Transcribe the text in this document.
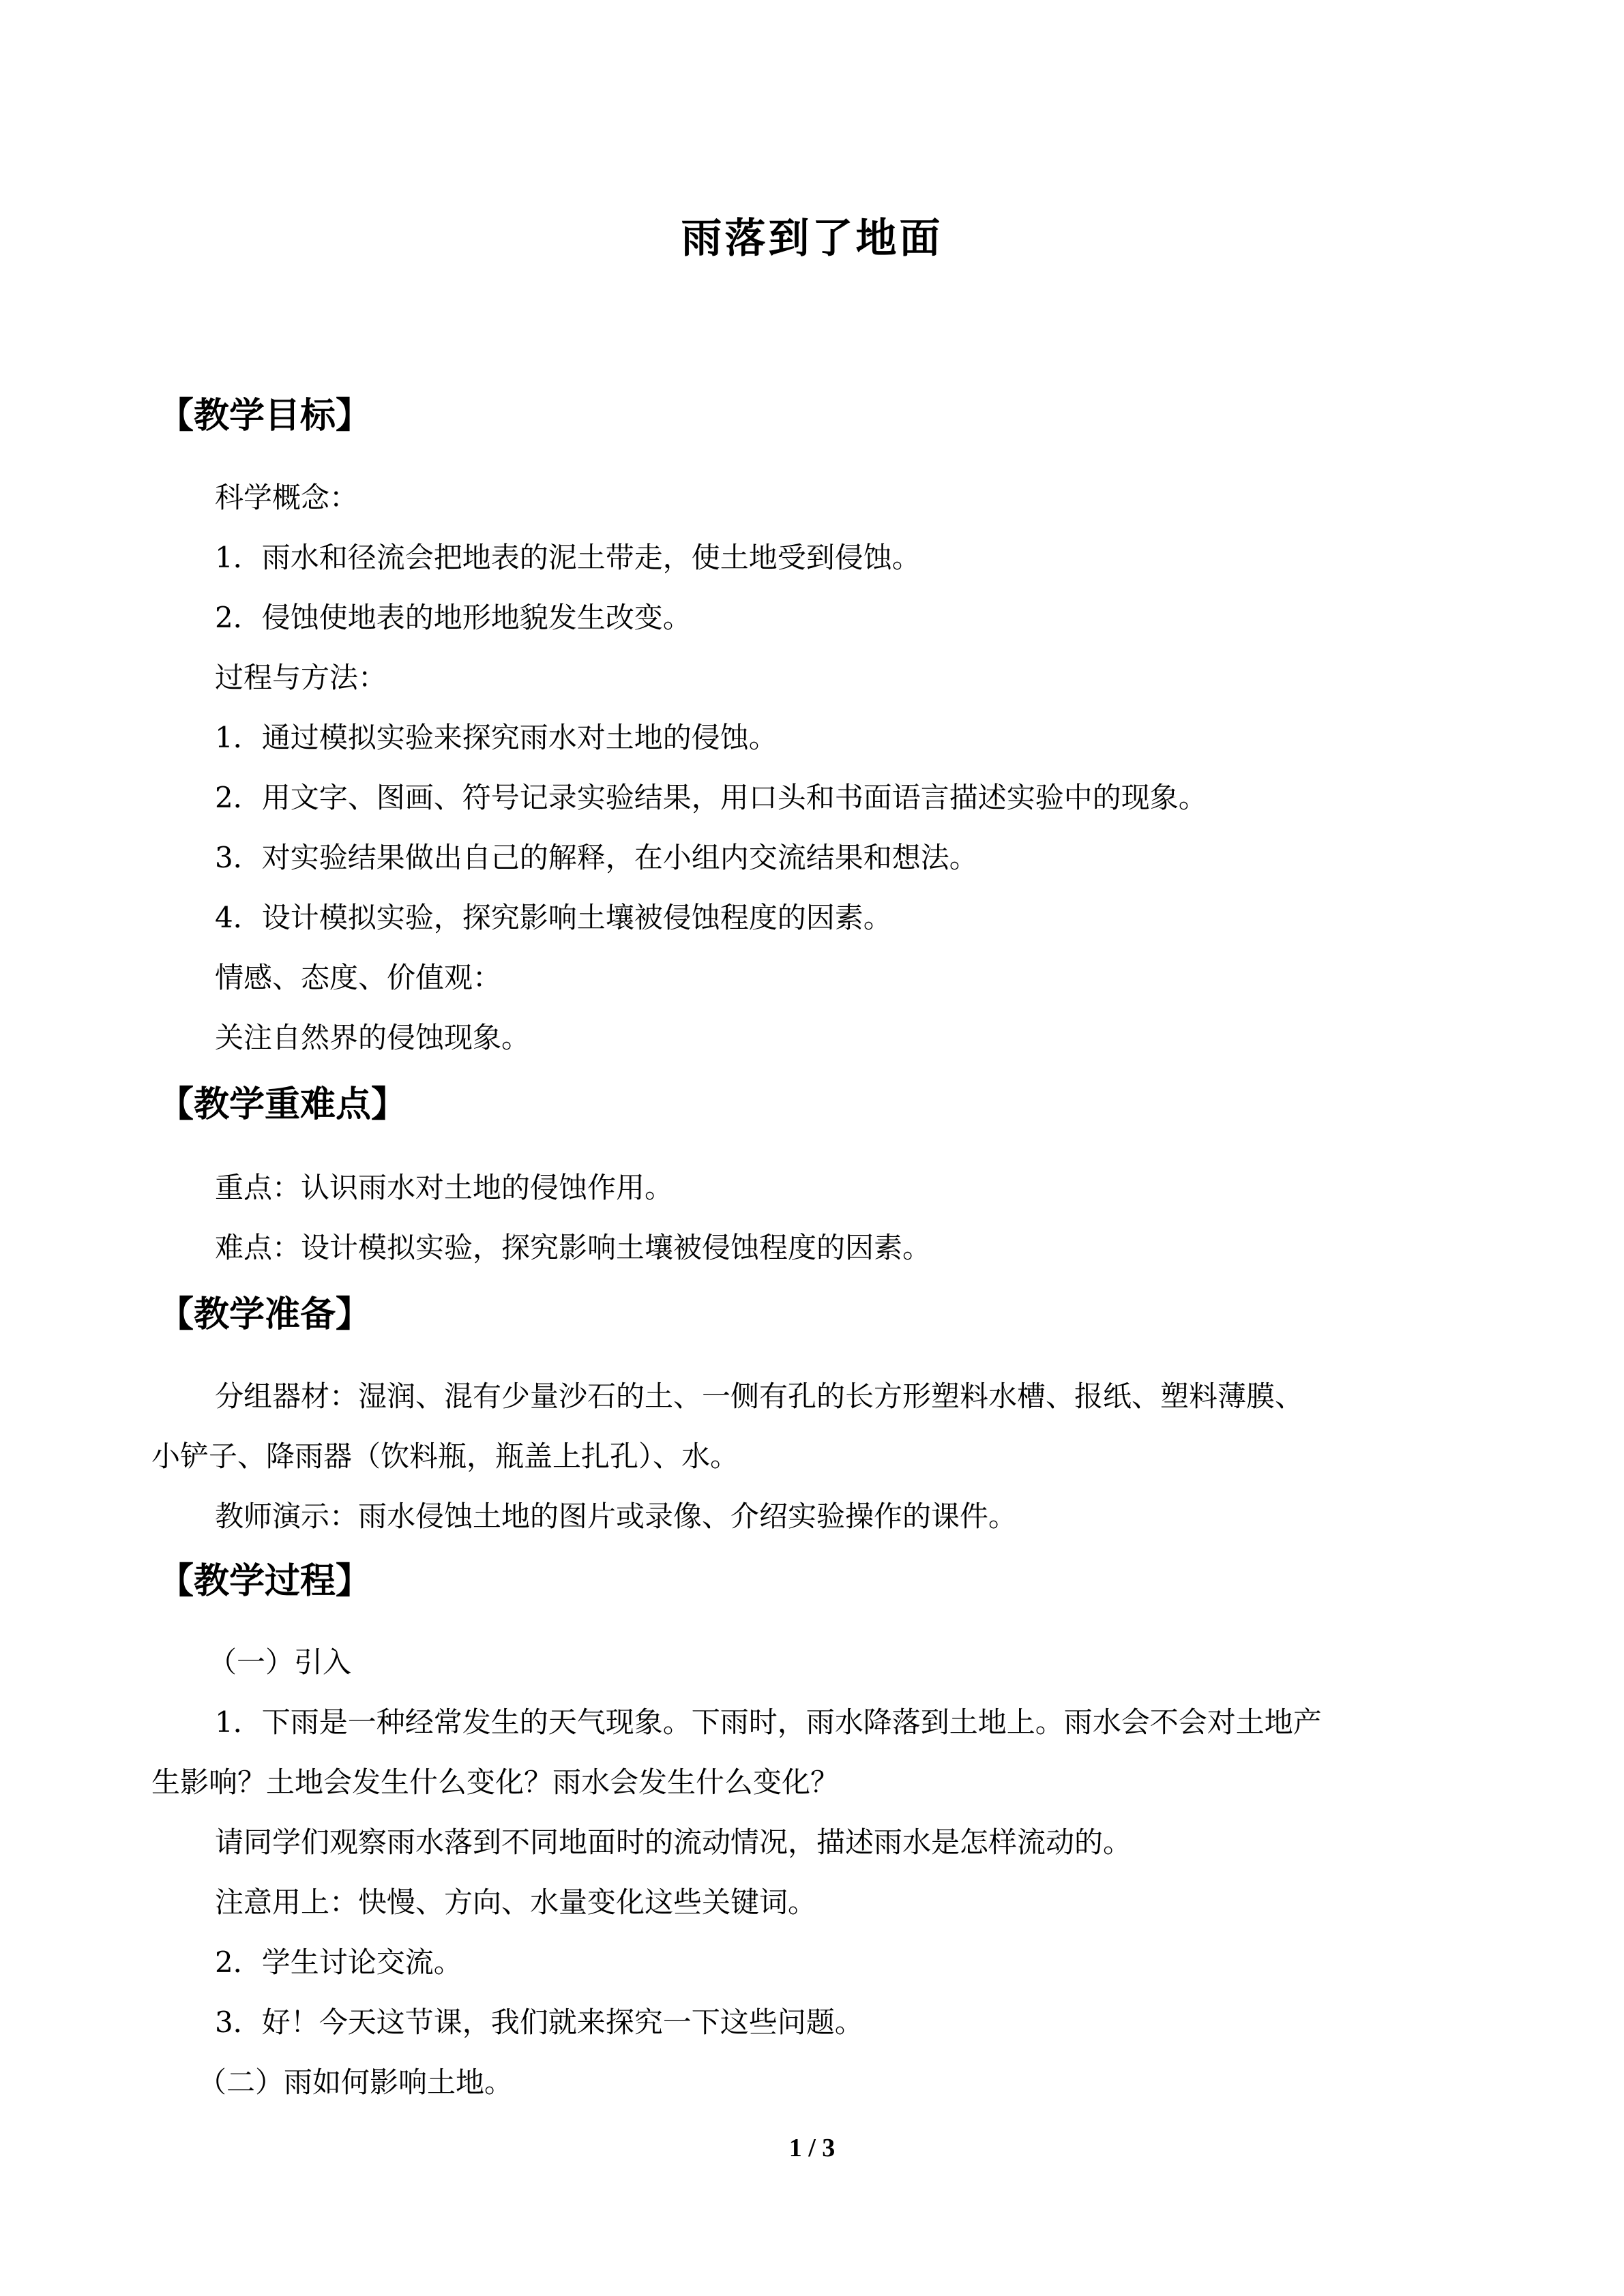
雨落到了地面
【教学目标】
科学概念：
1．雨水和径流会把地表的泥土带走，使土地受到侵蚀。
2．侵蚀使地表的地形地貌发生改变。
过程与方法：
1．通过模拟实验来探究雨水对土地的侵蚀。
2．用文字、图画、符号记录实验结果，用口头和书面语言描述实验中的现象。
3．对实验结果做出自己的解释，在小组内交流结果和想法。
4．设计模拟实验，探究影响土壤被侵蚀程度的因素。
情感、态度、价值观：
关注自然界的侵蚀现象。
【教学重难点】
重点：认识雨水对土地的侵蚀作用。
难点：设计模拟实验，探究影响土壤被侵蚀程度的因素。
【教学准备】
分组器材：湿润、混有少量沙石的土、一侧有孔的长方形塑料水槽、报纸、塑料薄膜、
小铲子、降雨器（饮料瓶，瓶盖上扎孔）、水。
教师演示：雨水侵蚀土地的图片或录像、介绍实验操作的课件。
【教学过程】
（一）引入
1．下雨是一种经常发生的天气现象。下雨时，雨水降落到土地上。雨水会不会对土地产
生影响？土地会发生什么变化？雨水会发生什么变化？
请同学们观察雨水落到不同地面时的流动情况，描述雨水是怎样流动的。
注意用上：快慢、方向、水量变化这些关键词。
2．学生讨论交流。
3．好！今天这节课，我们就来探究一下这些问题。
（二）雨如何影响土地。
1 / 3
